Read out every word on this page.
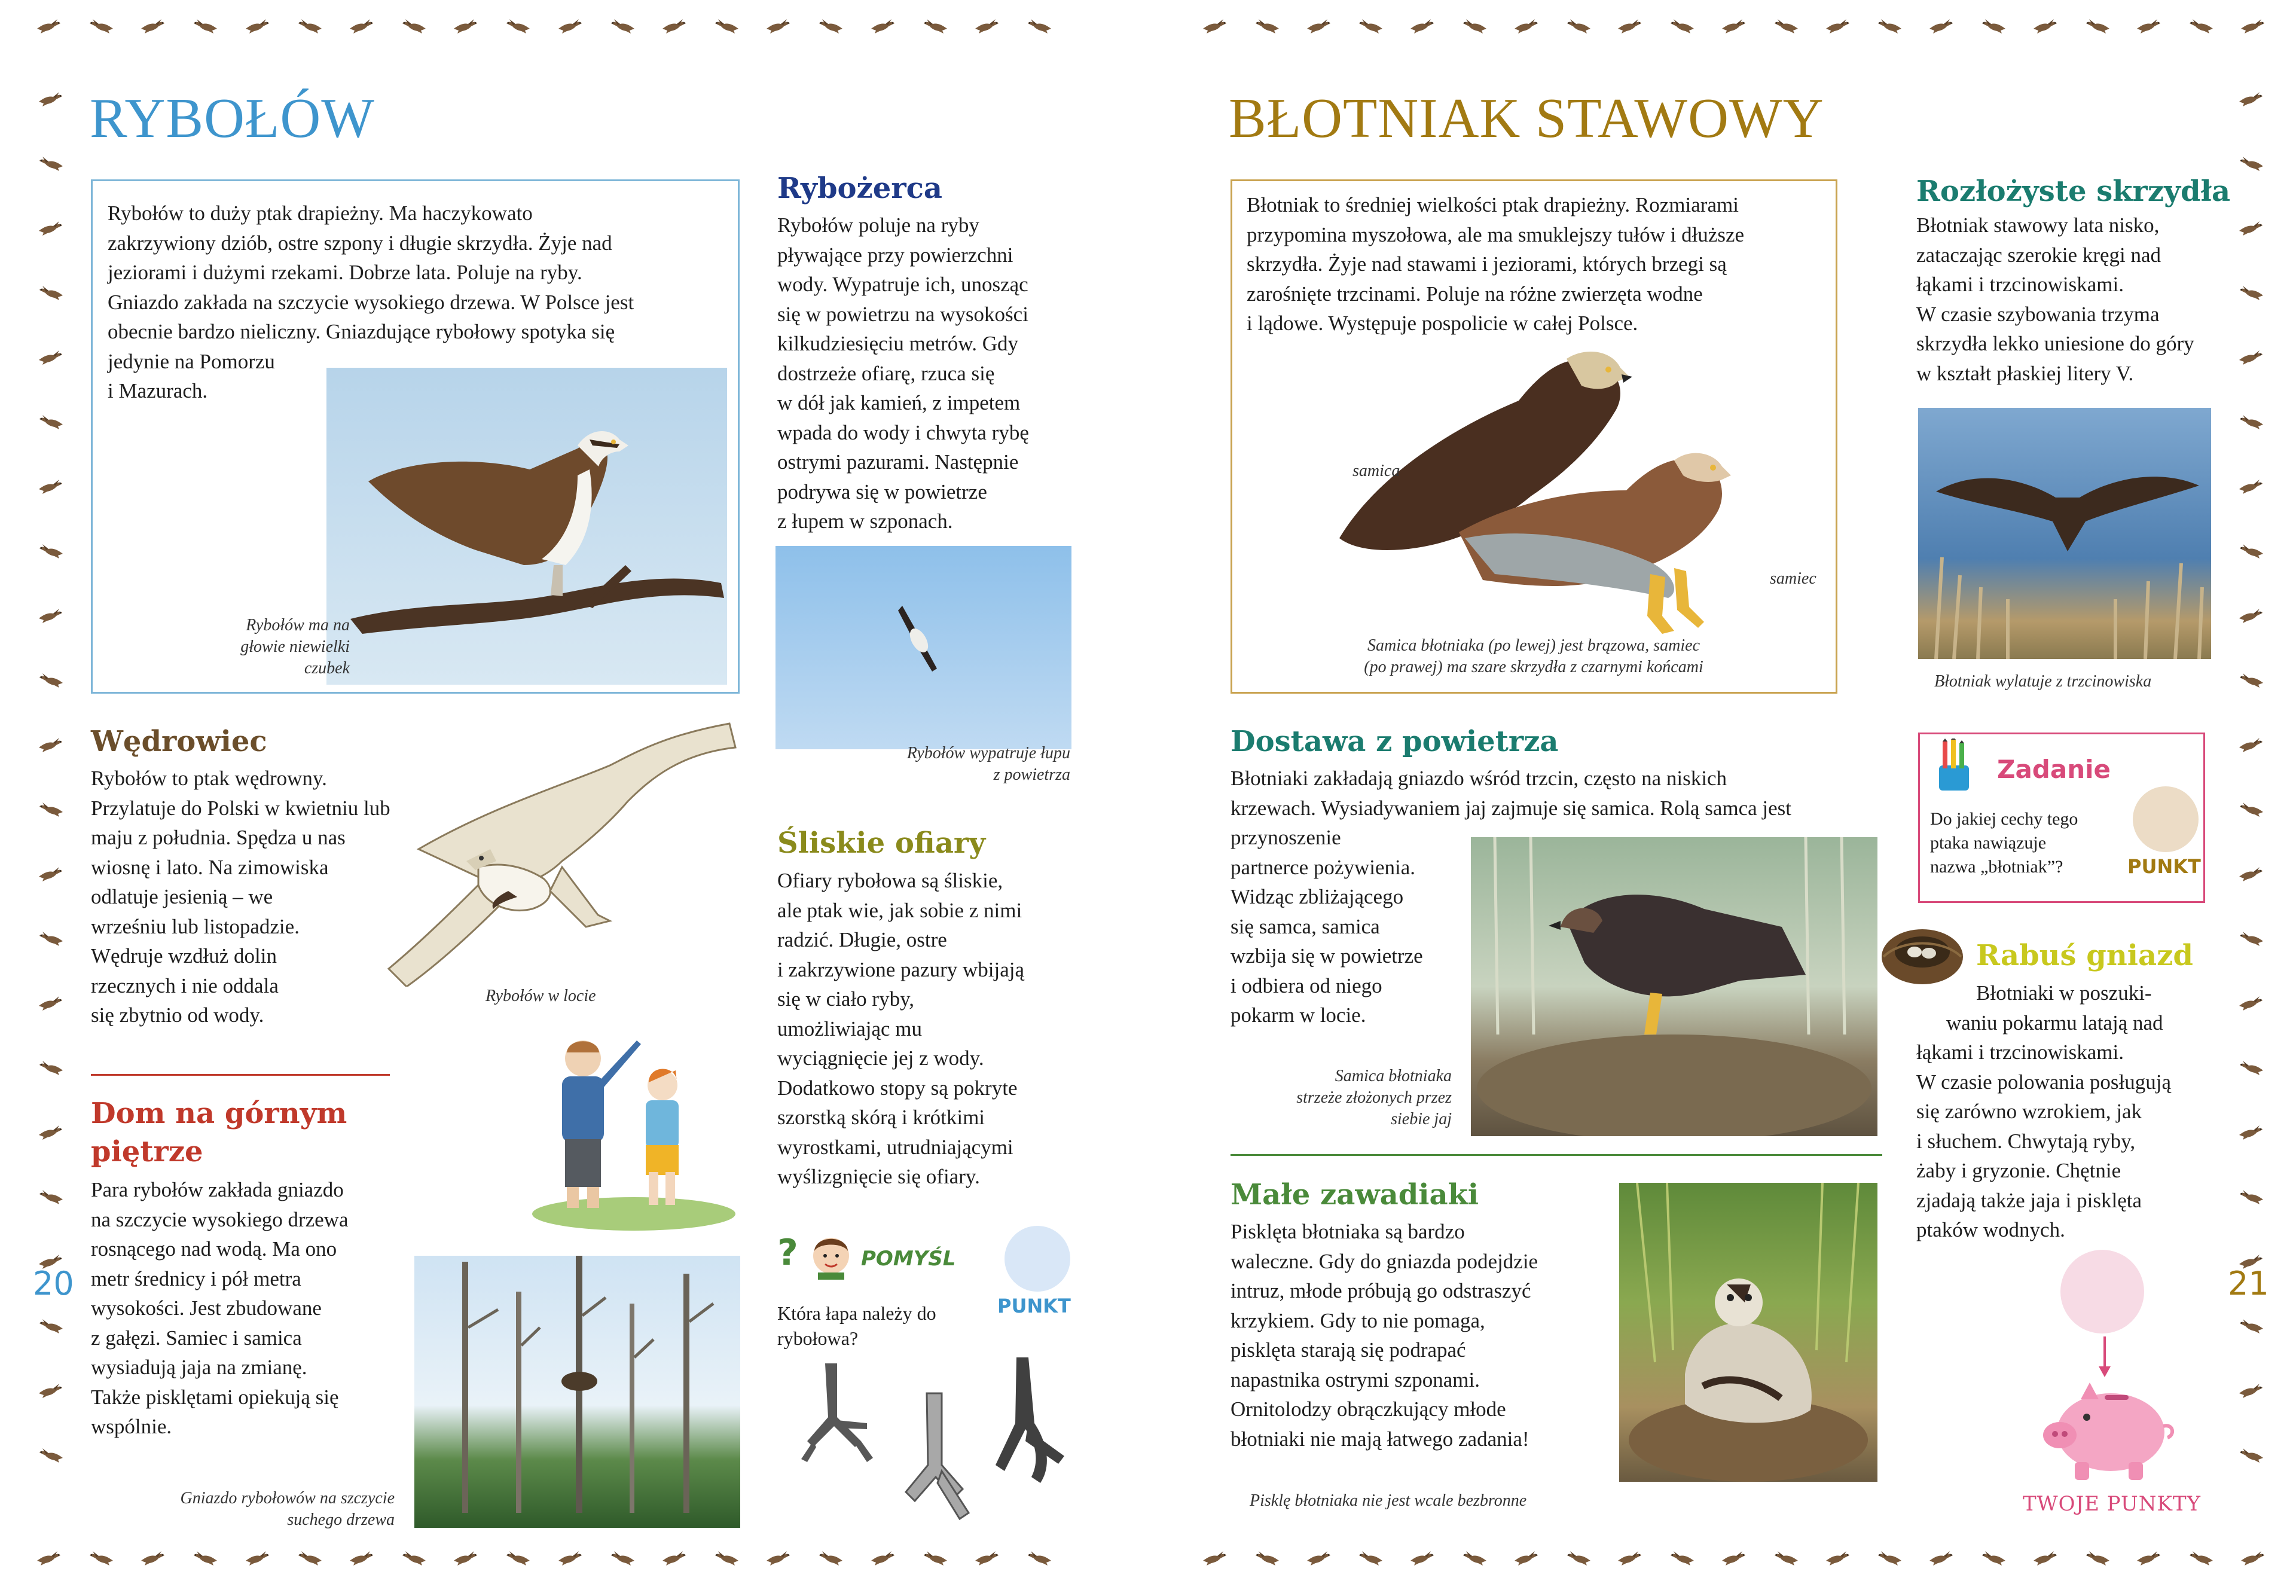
RYBOŁÓW
Rybołów to duży ptak drapieżny. Ma haczykowato
zakrzywiony dziób, ostre szpony i długie skrzydła. Żyje nad
jeziorami i dużymi rzekami. Dobrze lata. Poluje na ryby.
Gniazdo zakłada na szczycie wysokiego drzewa. W Polsce jest
obecnie bardzo nieliczny. Gniazdujące rybołowy spotyka się
jedynie na Pomorzu
i Mazurach.
Rybołów ma na
głowie niewielki
czubek
Rybożerca
Rybołów poluje na ryby
pływające przy powierzchni
wody. Wypatruje ich, unosząc
się w powietrzu na wysokości
kilkudziesięciu metrów. Gdy
dostrzeże ofiarę, rzuca się
w dół jak kamień, z impetem
wpada do wody i chwyta rybę
ostrymi pazurami. Następnie
podrywa się w powietrze
z łupem w szponach.
Rybołów wypatruje łupu
z powietrza
Wędrowiec
Rybołów to ptak wędrowny.
Przylatuje do Polski w kwietniu lub
maju z południa. Spędza u nas
wiosnę i lato. Na zimowiska
odlatuje jesienią – we
wrześniu lub listopadzie.
Wędruje wzdłuż dolin
rzecznych i nie oddala
się zbytnio od wody.
Rybołów w locie
Dom na górnym
piętrze
Para rybołów zakłada gniazdo
na szczycie wysokiego drzewa
rosnącego nad wodą. Ma ono
metr średnicy i pół metra
wysokości. Jest zbudowane
z gałęzi. Samiec i samica
wysiadują jaja na zmianę.
Także pisklętami opiekują się
wspólnie.
Gniazdo rybołowów na szczycie
suchego drzewa
20
Śliskie ofiary
Ofiary rybołowa są śliskie,
ale ptak wie, jak sobie z nimi
radzić. Długie, ostre
i zakrzywione pazury wbijają
się w ciało ryby,
umożliwiając mu
wyciągnięcie jej z wody.
Dodatkowo stopy są pokryte
szorstką skórą i krótkimi
wyrostkami, utrudniającymi
wyślizgnięcie się ofiary.
?	POMYŚL
PUNKT
Która łapa należy do
rybołowa?
BŁOTNIAK STAWOWY
Błotniak to średniej wielkości ptak drapieżny. Rozmiarami
przypomina myszołowa, ale ma smuklejszy tułów i dłuższe
skrzydła. Żyje nad stawami i jeziorami, których brzegi są
zarośnięte trzcinami. Poluje na różne zwierzęta wodne
i lądowe. Występuje pospolicie w całej Polsce.
samica
samiec
Samica błotniaka (po lewej) jest brązowa, samiec
(po prawej) ma szare skrzydła z czarnymi końcami
Rozłożyste skrzydła
Błotniak stawowy lata nisko,
zataczając szerokie kręgi nad
łąkami i trzcinowiskami.
W czasie szybowania trzyma
skrzydła lekko uniesione do góry
w kształt płaskiej litery V.
Błotniak wylatuje z trzcinowiska
Dostawa z powietrza
Błotniaki zakładają gniazdo wśród trzcin, często na niskich
krzewach. Wysiadywaniem jaj zajmuje się samica. Rolą samca jest
przynoszenie
partnerce pożywienia.
Widząc zbliżającego
się samca, samica
wzbija się w powietrze
i odbiera od niego
pokarm w locie.
Samica błotniaka
strzeże złożonych przez
siebie jaj
Małe zawadiaki
Pisklęta błotniaka są bardzo
waleczne. Gdy do gniazda podejdzie
intruz, młode próbują go odstraszyć
krzykiem. Gdy to nie pomaga,
pisklęta starają się podrapać
napastnika ostrymi szponami.
Ornitolodzy obrączkujący młode
błotniaki nie mają łatwego zadania!
Pisklę błotniaka nie jest wcale bezbronne
Zadanie
Do jakiej cechy tego
ptaka nawiązuje
nazwa „błotniak”?	PUNKT
Rabuś gniazd
Błotniaki w poszuki-
waniu pokarmu latają nad
łąkami i trzcinowiskami.
W czasie polowania posługują
się zarówno wzrokiem, jak
i słuchem. Chwytają ryby,
żaby i gryzonie. Chętnie
zjadają także jaja i pisklęta
ptaków wodnych.
TWOJE PUNKTY
21
